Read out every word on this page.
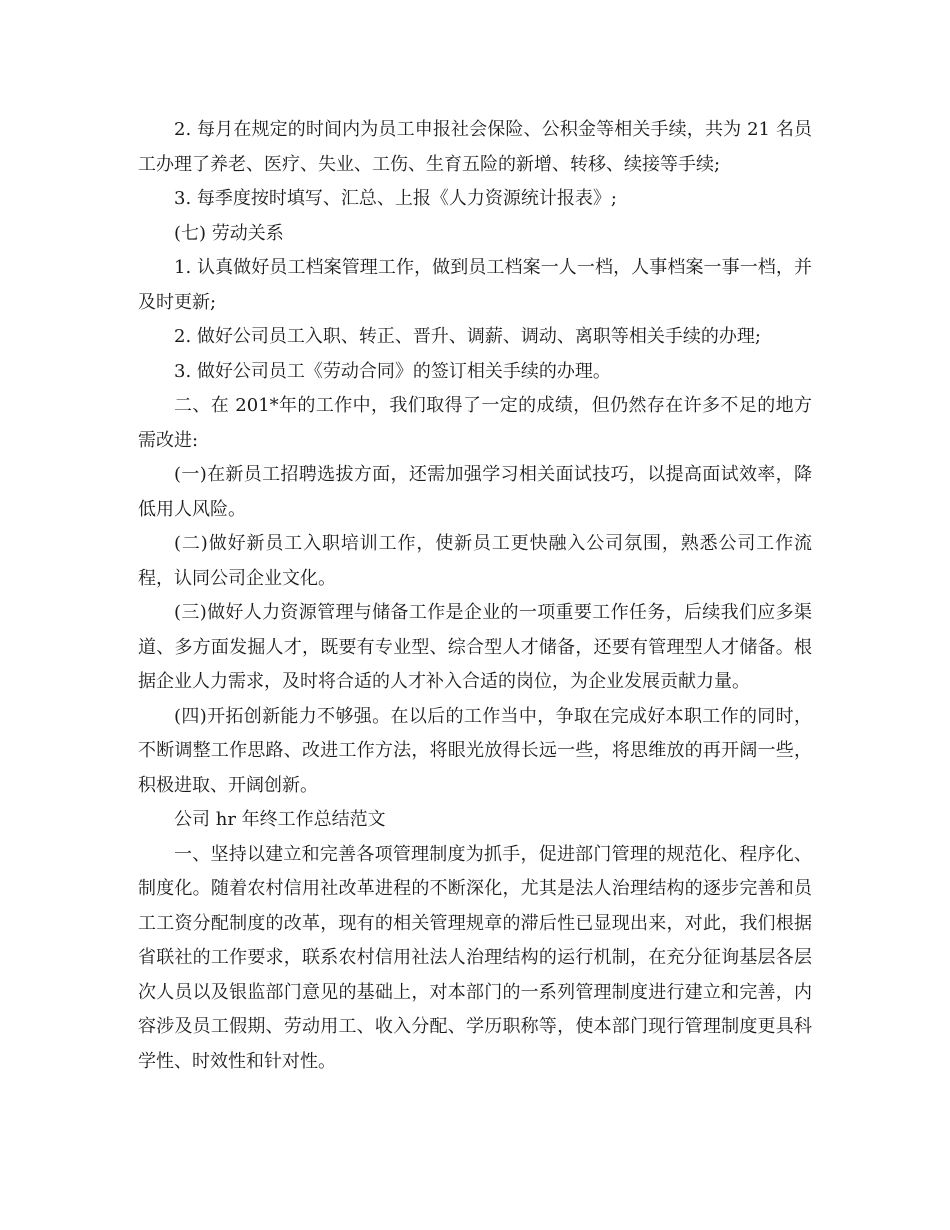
2. 每月在规定的时间内为员工申报社会保险、公积金等相关手续，共为 21 名员工办理了养老、医疗、失业、工伤、生育五险的新增、转移、续接等手续;

3. 每季度按时填写、汇总、上报《人力资源统计报表》;

(七) 劳动关系

1. 认真做好员工档案管理工作，做到员工档案一人一档，人事档案一事一档，并及时更新;

2. 做好公司员工入职、转正、晋升、调薪、调动、离职等相关手续的办理;

3. 做好公司员工《劳动合同》的签订相关手续的办理。

二、在 201*年的工作中，我们取得了一定的成绩，但仍然存在许多不足的地方需改进:

(一)在新员工招聘选拔方面，还需加强学习相关面试技巧，以提高面试效率，降低用人风险。

(二)做好新员工入职培训工作，使新员工更快融入公司氛围，熟悉公司工作流程，认同公司企业文化。

(三)做好人力资源管理与储备工作是企业的一项重要工作任务，后续我们应多渠道、多方面发掘人才，既要有专业型、综合型人才储备，还要有管理型人才储备。根据企业人力需求，及时将合适的人才补入合适的岗位，为企业发展贡献力量。

(四)开拓创新能力不够强。在以后的工作当中，争取在完成好本职工作的同时，不断调整工作思路、改进工作方法，将眼光放得长远一些，将思维放的再开阔一些，积极进取、开阔创新。

公司 hr 年终工作总结范文

一、坚持以建立和完善各项管理制度为抓手，促进部门管理的规范化、程序化、制度化。随着农村信用社改革进程的不断深化，尤其是法人治理结构的逐步完善和员工工资分配制度的改革，现有的相关管理规章的滞后性已显现出来，对此，我们根据省联社的工作要求，联系农村信用社法人治理结构的运行机制，在充分征询基层各层次人员以及银监部门意见的基础上，对本部门的一系列管理制度进行建立和完善，内容涉及员工假期、劳动用工、收入分配、学历职称等，使本部门现行管理制度更具科学性、时效性和针对性。
